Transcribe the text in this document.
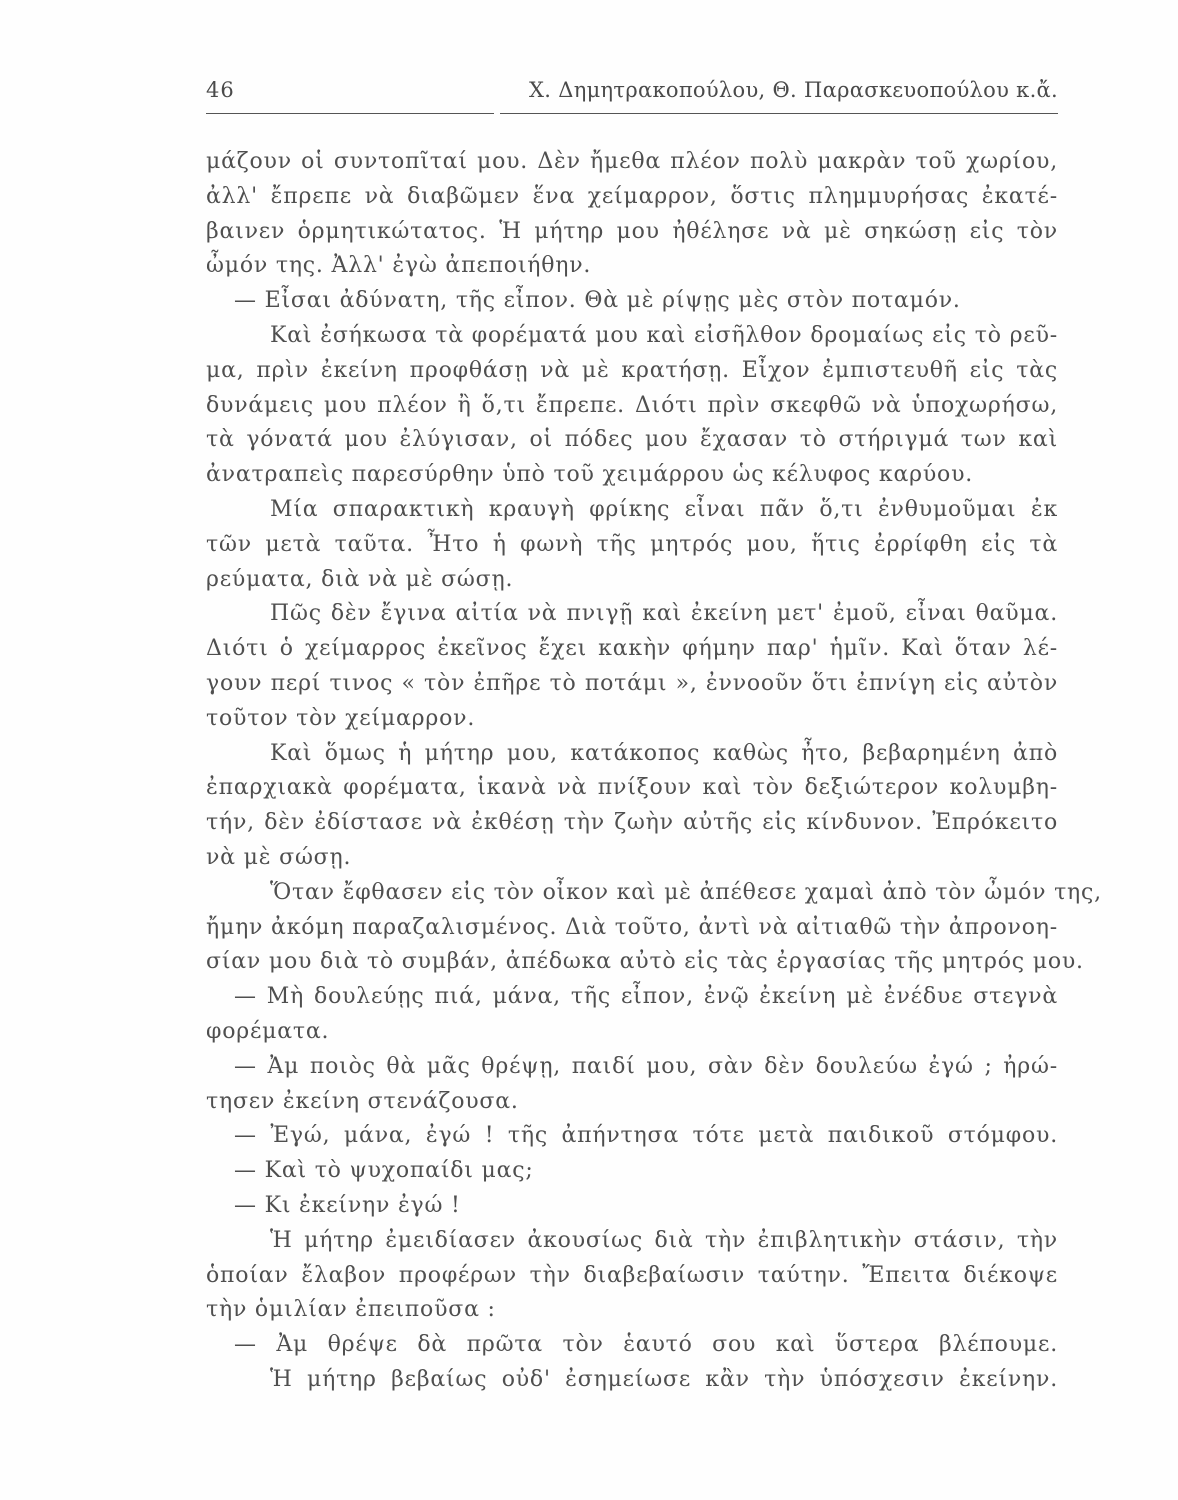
46	Χ. Δημητρακοπούλου, Θ. Παρασκευοπούλου κ.ἄ.
μάζουν οἱ συντοπῖταί μου. Δὲν ἤμεθα πλέον πολὺ μακρὰν τοῦ χωρίου,
ἀλλ' ἔπρεπε νὰ διαβῶμεν ἕνα χείμαρρον, ὅστις πλημμυρήσας ἐκατέ-
βαινεν ὁρμητικώτατος. Ἡ μήτηρ μου ἠθέλησε νὰ μὲ σηκώσῃ εἰς τὸν
ὦμόν της. Ἀλλ' ἐγὼ ἀπεποιήθην.
— Εἶσαι ἀδύνατη, τῆς εἶπον. Θὰ μὲ ρίψῃς μὲς στὸν ποταμόν.
Καὶ ἐσήκωσα τὰ φορέματά μου καὶ εἰσῆλθον δρομαίως εἰς τὸ ρεῦ-
μα, πρὶν ἐκείνη προφθάσῃ νὰ μὲ κρατήσῃ. Εἶχον ἐμπιστευθῆ εἰς τὰς
δυνάμεις μου πλέον ἢ ὅ,τι ἔπρεπε. Διότι πρὶν σκεφθῶ νὰ ὑποχωρήσω,
τὰ γόνατά μου ἐλύγισαν, οἱ πόδες μου ἔχασαν τὸ στήριγμά των καὶ
ἀνατραπεὶς παρεσύρθην ὑπὸ τοῦ χειμάρρου ὡς κέλυφος καρύου.
Μία σπαρακτικὴ κραυγὴ φρίκης εἶναι πᾶν ὅ,τι ἐνθυμοῦμαι ἐκ
τῶν μετὰ ταῦτα. Ἦτο ἡ φωνὴ τῆς μητρός μου, ἥτις ἐρρίφθη εἰς τὰ
ρεύματα, διὰ νὰ μὲ σώσῃ.
Πῶς δὲν ἔγινα αἰτία νὰ πνιγῇ καὶ ἐκείνη μετ' ἐμοῦ, εἶναι θαῦμα.
Διότι ὁ χείμαρρος ἐκεῖνος ἔχει κακὴν φήμην παρ' ἡμῖν. Καὶ ὅταν λέ-
γουν περί τινος « τὸν ἐπῆρε τὸ ποτάμι », ἐννοοῦν ὅτι ἐπνίγη εἰς αὐτὸν
τοῦτον τὸν χείμαρρον.
Καὶ ὅμως ἡ μήτηρ μου, κατάκοπος καθὼς ἦτο, βεβαρημένη ἀπὸ
ἐπαρχιακὰ φορέματα, ἱκανὰ νὰ πνίξουν καὶ τὸν δεξιώτερον κολυμβη-
τήν, δὲν ἐδίστασε νὰ ἐκθέσῃ τὴν ζωὴν αὐτῆς εἰς κίνδυνον. Ἐπρόκειτο
νὰ μὲ σώσῃ.
Ὅταν ἔφθασεν εἰς τὸν οἶκον καὶ μὲ ἀπέθεσε χαμαὶ ἀπὸ τὸν ὦμόν της,
ἤμην ἀκόμη παραζαλισμένος. Διὰ τοῦτο, ἀντὶ νὰ αἰτιαθῶ τὴν ἀπρονοη-
σίαν μου διὰ τὸ συμβάν, ἀπέδωκα αὐτὸ εἰς τὰς ἐργασίας τῆς μητρός μου.
— Μὴ δουλεύῃς πιά, μάνα, τῆς εἶπον, ἐνῷ ἐκείνη μὲ ἐνέδυε στεγνὰ
φορέματα.
— Ἀμ ποιὸς θὰ μᾶς θρέψῃ, παιδί μου, σὰν δὲν δουλεύω ἐγώ ; ἠρώ-
τησεν ἐκείνη στενάζουσα.
— Ἐγώ, μάνα, ἐγώ ! τῆς ἀπήντησα τότε μετὰ παιδικοῦ στόμφου.
— Καὶ τὸ ψυχοπαίδι μας;
— Κι ἐκείνην ἐγώ !
Ἡ μήτηρ ἐμειδίασεν ἀκουσίως διὰ τὴν ἐπιβλητικὴν στάσιν, τὴν
ὁποίαν ἔλαβον προφέρων τὴν διαβεβαίωσιν ταύτην. Ἔπειτα διέκοψε
τὴν ὁμιλίαν ἐπειποῦσα :
— Ἀμ θρέψε δὰ πρῶτα τὸν ἑαυτό σου καὶ ὕστερα βλέπουμε.
Ἡ μήτηρ βεβαίως οὐδ' ἐσημείωσε κἂν τὴν ὑπόσχεσιν ἐκείνην.
